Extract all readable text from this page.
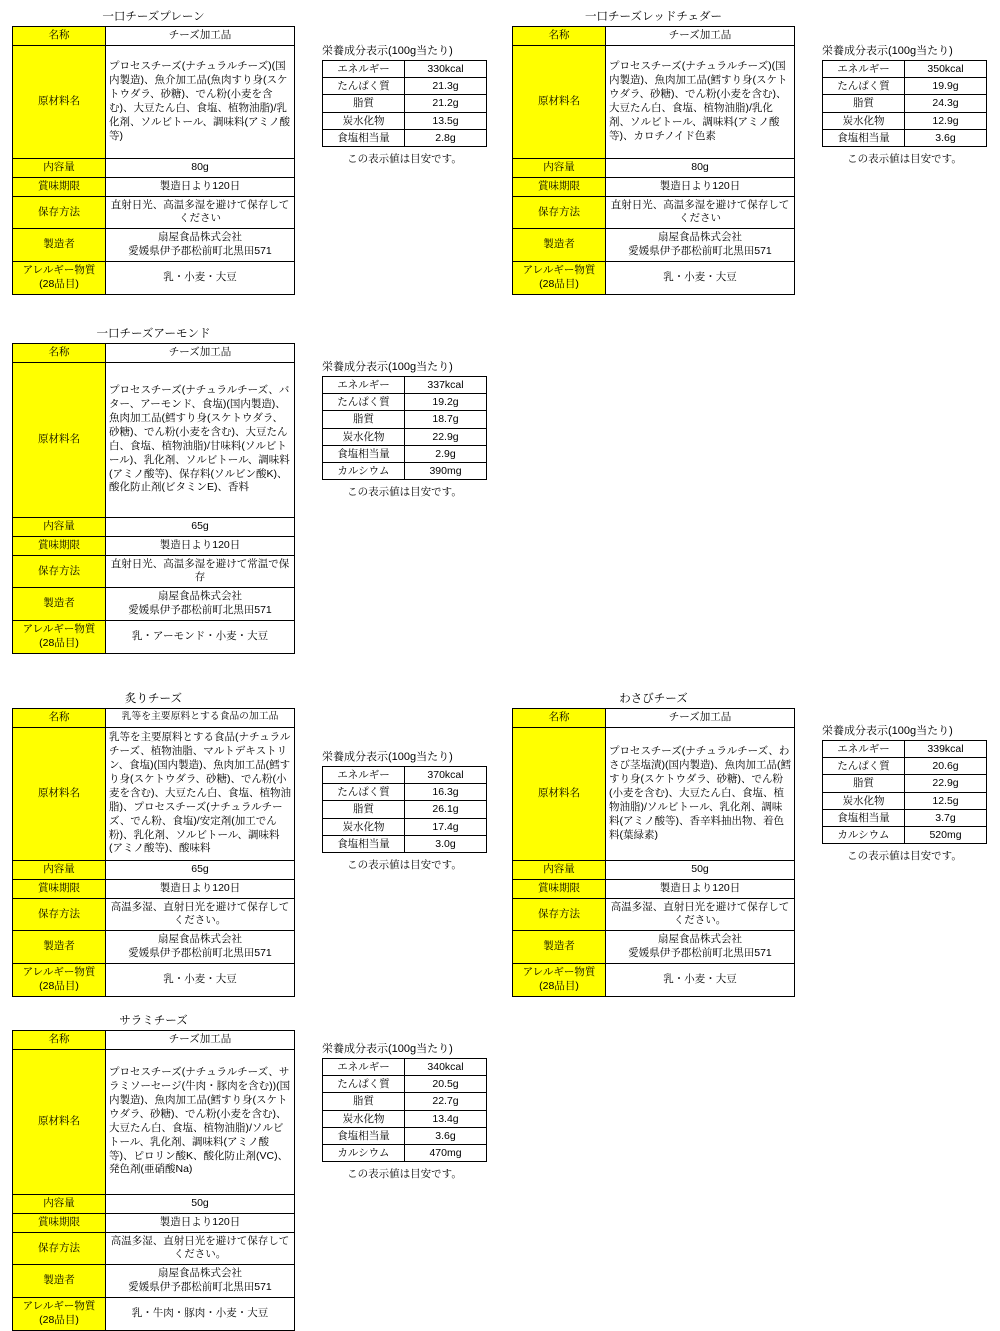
一口チーズプレーン
名称	チーズ加工品
原材料名	プロセスチーズ(ナチュラルチーズ)(国内製造)、魚介加工品(魚肉すり身(スケトウダラ、砂糖)、でん粉(小麦を含む)、大豆たん白、食塩、植物油脂)/乳化剤、ソルビトール、調味料(アミノ酸等)
内容量	80g
賞味期限	製造日より120日
保存方法	直射日光、高温多湿を避けて保存してください
製造者	扇屋食品株式会社
愛媛県伊予郡松前町北黒田571

アレルギー物質
(28品目)	乳・小麦・大豆
栄養成分表示(100g当たり)
エネルギー	330kcal
たんぱく質	21.3g
脂質	21.2g
炭水化物	13.5g
食塩相当量	2.8g
この表示値は目安です。
一口チーズレッドチェダー
名称	チーズ加工品
原材料名	プロセスチーズ(ナチュラルチーズ)(国内製造)、魚肉加工品(鱈すり身(スケトウダラ、砂糖)、でん粉(小麦を含む)、大豆たん白、食塩、植物油脂)/乳化剤、ソルビトール、調味料(アミノ酸等)、カロチノイド色素
内容量	80g
賞味期限	製造日より120日
保存方法	直射日光、高温多湿を避けて保存してください
製造者	扇屋食品株式会社
愛媛県伊予郡松前町北黒田571

アレルギー物質
(28品目)	乳・小麦・大豆
栄養成分表示(100g当たり)
エネルギー	350kcal
たんぱく質	19.9g
脂質	24.3g
炭水化物	12.9g
食塩相当量	3.6g
この表示値は目安です。
一口チーズアーモンド
名称	チーズ加工品
原材料名	プロセスチーズ(ナチュラルチーズ、バター、アーモンド、食塩)(国内製造)、魚肉加工品(鱈すり身(スケトウダラ、砂糖)、でん粉(小麦を含む)、大豆たん白、食塩、植物油脂)/甘味料(ソルビトール)、乳化剤、ソルビトール、調味料(アミノ酸等)、保存料(ソルビン酸K)、酸化防止剤(ビタミンE)、香料
内容量	65g
賞味期限	製造日より120日
保存方法	直射日光、高温多湿を避けて常温で保存
製造者	扇屋食品株式会社
愛媛県伊予郡松前町北黒田571

アレルギー物質
(28品目)	乳・アーモンド・小麦・大豆
栄養成分表示(100g当たり)
エネルギー	337kcal
たんぱく質	19.2g
脂質	18.7g
炭水化物	22.9g
食塩相当量	2.9g
カルシウム	390mg
この表示値は目安です。
炙りチーズ
名称	乳等を主要原料とする食品の加工品
原材料名	乳等を主要原料とする食品(ナチュラルチーズ、植物油脂、マルトデキストリン、食塩)(国内製造)、魚肉加工品(鱈すり身(スケトウダラ、砂糖)、でん粉(小麦を含む)、大豆たん白、食塩、植物油脂)、プロセスチーズ(ナチュラルチーズ、でん粉、食塩)/安定剤(加工でん粉)、乳化剤、ソルビトール、調味料(アミノ酸等)、酸味料
内容量	65g
賞味期限	製造日より120日
保存方法	高温多湿、直射日光を避けて保存してください。
製造者	扇屋食品株式会社
愛媛県伊予郡松前町北黒田571

アレルギー物質
(28品目)	乳・小麦・大豆
栄養成分表示(100g当たり)
エネルギー	370kcal
たんぱく質	16.3g
脂質	26.1g
炭水化物	17.4g
食塩相当量	3.0g
この表示値は目安です。
わさびチーズ
名称	チーズ加工品
原材料名	プロセスチーズ(ナチュラルチーズ、わさび茎塩漬)(国内製造)、魚肉加工品(鱈すり身(スケトウダラ、砂糖)、でん粉(小麦を含む)、大豆たん白、食塩、植物油脂)/ソルビトール、乳化剤、調味料(アミノ酸等)、香辛料抽出物、着色料(葉緑素)
内容量	50g
賞味期限	製造日より120日
保存方法	高温多湿、直射日光を避けて保存してください。
製造者	扇屋食品株式会社
愛媛県伊予郡松前町北黒田571

アレルギー物質
(28品目)	乳・小麦・大豆
栄養成分表示(100g当たり)
エネルギー	339kcal
たんぱく質	20.6g
脂質	22.9g
炭水化物	12.5g
食塩相当量	3.7g
カルシウム	520mg
この表示値は目安です。
サラミチーズ
名称	チーズ加工品
原材料名	プロセスチーズ(ナチュラルチーズ、サラミソーセージ(牛肉・豚肉を含む))(国内製造)、魚肉加工品(鱈すり身(スケトウダラ、砂糖)、でん粉(小麦を含む)、大豆たん白、食塩、植物油脂)/ソルビトール、乳化剤、調味料(アミノ酸等)、ピロリン酸K、酸化防止剤(VC)、発色剤(亜硝酸Na)
内容量	50g
賞味期限	製造日より120日
保存方法	高温多湿、直射日光を避けて保存してください。
製造者	扇屋食品株式会社
愛媛県伊予郡松前町北黒田571

アレルギー物質
(28品目)	乳・牛肉・豚肉・小麦・大豆
栄養成分表示(100g当たり)
エネルギー	340kcal
たんぱく質	20.5g
脂質	22.7g
炭水化物	13.4g
食塩相当量	3.6g
カルシウム	470mg
この表示値は目安です。
